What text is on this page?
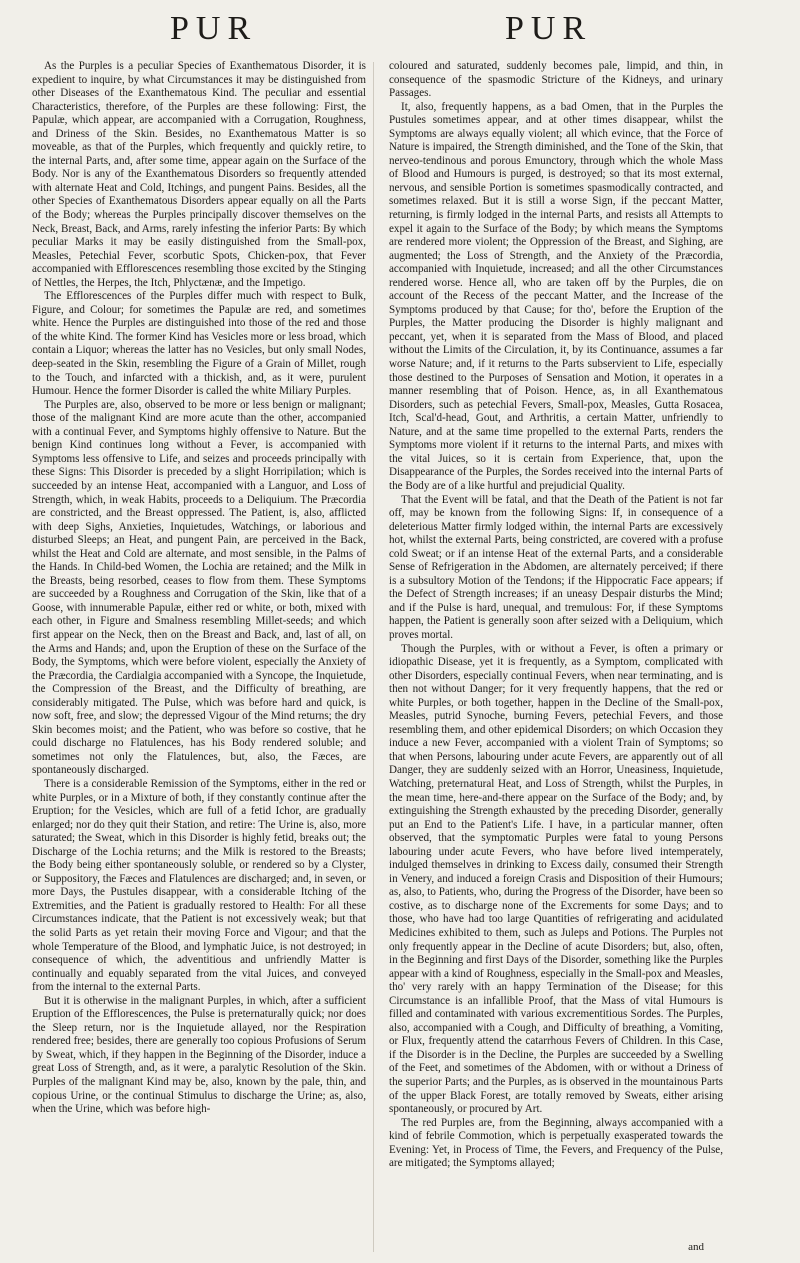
PUR	PUR

As the Purples is a peculiar Species of Exanthematous Disorder, it is expedient to inquire, by what Circumstances it may be distinguished from other Diseases of the Exanthematous Kind. The peculiar and essential Characteristics, therefore, of the Purples are these following: First, the Papulæ, which appear, are accompanied with a Corrugation, Roughness, and Driness of the Skin. Besides, no Exanthematous Matter is so moveable, as that of the Purples, which frequently and quickly retire, to the internal Parts, and, after some time, appear again on the Surface of the Body. Nor is any of the Exanthematous Disorders so frequently attended with alternate Heat and Cold, Itchings, and pungent Pains. Besides, all the other Species of Exanthematous Disorders appear equally on all the Parts of the Body; whereas the Purples principally discover themselves on the Neck, Breast, Back, and Arms, rarely infesting the inferior Parts: By which peculiar Marks it may be easily distinguished from the Small-pox, Measles, Petechial Fever, scorbutic Spots, Chicken-pox, that Fever accompanied with Efflorescences resembling those excited by the Stinging of Nettles, the Herpes, the Itch, Phlyctænæ, and the Impetigo.

The Efflorescences of the Purples differ much with respect to Bulk, Figure, and Colour; for sometimes the Papulæ are red, and sometimes white. Hence the Purples are distinguished into those of the red and those of the white Kind. The former Kind has Vesicles more or less broad, which contain a Liquor; whereas the latter has no Vesicles, but only small Nodes, deep-seated in the Skin, resembling the Figure of a Grain of Millet, rough to the Touch, and infarcted with a thickish, and, as it were, purulent Humour. Hence the former Disorder is called the white Miliary Purples.

The Purples are, also, observed to be more or less benign or malignant; those of the malignant Kind are more acute than the other, accompanied with a continual Fever, and Symptoms highly offensive to Nature. But the benign Kind continues long without a Fever, is accompanied with Symptoms less offensive to Life, and seizes and proceeds principally with these Signs: This Disorder is preceded by a slight Horripilation; which is succeeded by an intense Heat, accompanied with a Languor, and Loss of Strength, which, in weak Habits, proceeds to a Deliquium. The Præcordia are constricted, and the Breast oppressed. The Patient, is, also, afflicted with deep Sighs, Anxieties, Inquietudes, Watchings, or laborious and disturbed Sleeps; an Heat, and pungent Pain, are perceived in the Back, whilst the Heat and Cold are alternate, and most sensible, in the Palms of the Hands. In Child-bed Women, the Lochia are retained; and the Milk in the Breasts, being resorbed, ceases to flow from them. These Symptoms are succeeded by a Roughness and Corrugation of the Skin, like that of a Goose, with innumerable Papulæ, either red or white, or both, mixed with each other, in Figure and Smalness resembling Millet-seeds; and which first appear on the Neck, then on the Breast and Back, and, last of all, on the Arms and Hands; and, upon the Eruption of these on the Surface of the Body, the Symptoms, which were before violent, especially the Anxiety of the Præcordia, the Cardialgia accompanied with a Syncope, the Inquietude, the Compression of the Breast, and the Difficulty of breathing, are considerably mitigated. The Pulse, which was before hard and quick, is now soft, free, and slow; the depressed Vigour of the Mind returns; the dry Skin becomes moist; and the Patient, who was before so costive, that he could discharge no Flatulences, has his Body rendered soluble; and sometimes not only the Flatulences, but, also, the Fæces, are spontaneously discharged.

There is a considerable Remission of the Symptoms, either in the red or white Purples, or in a Mixture of both, if they constantly continue after the Eruption; for the Vesicles, which are full of a fetid Ichor, are gradually enlarged; nor do they quit their Station, and retire: The Urine is, also, more saturated; the Sweat, which in this Disorder is highly fetid, breaks out; the Discharge of the Lochia returns; and the Milk is restored to the Breasts; the Body being either spontaneously soluble, or rendered so by a Clyster, or Suppository, the Fæces and Flatulences are discharged; and, in seven, or more Days, the Pustules disappear, with a considerable Itching of the Extremities, and the Patient is gradually restored to Health: For all these Circumstances indicate, that the Patient is not excessively weak; but that the solid Parts as yet retain their moving Force and Vigour; and that the whole Temperature of the Blood, and lymphatic Juice, is not destroyed; in consequence of which, the adventitious and unfriendly Matter is continually and equably separated from the vital Juices, and conveyed from the internal to the external Parts.

But it is otherwise in the malignant Purples, in which, after a sufficient Eruption of the Efflorescences, the Pulse is preternaturally quick; nor does the Sleep return, nor is the Inquietude allayed, nor the Respiration rendered free; besides, there are generally too copious Profusions of Serum by Sweat, which, if they happen in the Beginning of the Disorder, induce a great Loss of Strength, and, as it were, a paralytic Resolution of the Skin. Purples of the malignant Kind may be, also, known by the pale, thin, and copious Urine, or the continual Stimulus to discharge the Urine; as, also, when the Urine, which was before high-

coloured and saturated, suddenly becomes pale, limpid, and thin, in consequence of the spasmodic Stricture of the Kidneys, and urinary Passages.

It, also, frequently happens, as a bad Omen, that in the Purples the Pustules sometimes appear, and at other times disappear, whilst the Symptoms are always equally violent; all which evince, that the Force of Nature is impaired, the Strength diminished, and the Tone of the Skin, that nerveo-tendinous and porous Emunctory, through which the whole Mass of Blood and Humours is purged, is destroyed; so that its most external, nervous, and sensible Portion is sometimes spasmodically contracted, and sometimes relaxed. But it is still a worse Sign, if the peccant Matter, returning, is firmly lodged in the internal Parts, and resists all Attempts to expel it again to the Surface of the Body; by which means the Symptoms are rendered more violent; the Oppression of the Breast, and Sighing, are augmented; the Loss of Strength, and the Anxiety of the Præcordia, accompanied with Inquietude, increased; and all the other Circumstances rendered worse. Hence all, who are taken off by the Purples, die on account of the Recess of the peccant Matter, and the Increase of the Symptoms produced by that Cause; for tho', before the Eruption of the Purples, the Matter producing the Disorder is highly malignant and peccant, yet, when it is separated from the Mass of Blood, and placed without the Limits of the Circulation, it, by its Continuance, assumes a far worse Nature; and, if it returns to the Parts subservient to Life, especially those destined to the Purposes of Sensation and Motion, it operates in a manner resembling that of Poison. Hence, as, in all Exanthematous Disorders, such as petechial Fevers, Small-pox, Measles, Gutta Rosacea, Itch, Scal'd-head, Gout, and Arthritis, a certain Matter, unfriendly to Nature, and at the same time propelled to the external Parts, renders the Symptoms more violent if it returns to the internal Parts, and mixes with the vital Juices, so it is certain from Experience, that, upon the Disappearance of the Purples, the Sordes received into the internal Parts of the Body are of a like hurtful and prejudicial Quality.

That the Event will be fatal, and that the Death of the Patient is not far off, may be known from the following Signs: If, in consequence of a deleterious Matter firmly lodged within, the internal Parts are excessively hot, whilst the external Parts, being constricted, are covered with a profuse cold Sweat; or if an intense Heat of the external Parts, and a considerable Sense of Refrigeration in the Abdomen, are alternately perceived; if there is a subsultory Motion of the Tendons; if the Hippocratic Face appears; if the Defect of Strength increases; if an uneasy Despair disturbs the Mind; and if the Pulse is hard, unequal, and tremulous: For, if these Symptoms happen, the Patient is generally soon after seized with a Deliquium, which proves mortal.

Though the Purples, with or without a Fever, is often a primary or idiopathic Disease, yet it is frequently, as a Symptom, complicated with other Disorders, especially continual Fevers, when near terminating, and is then not without Danger; for it very frequently happens, that the red or white Purples, or both together, happen in the Decline of the Small-pox, Measles, putrid Synoche, burning Fevers, petechial Fevers, and those resembling them, and other epidemical Disorders; on which Occasion they induce a new Fever, accompanied with a violent Train of Symptoms; so that when Persons, labouring under acute Fevers, are apparently out of all Danger, they are suddenly seized with an Horror, Uneasiness, Inquietude, Watching, preternatural Heat, and Loss of Strength, whilst the Purples, in the mean time, here-and-there appear on the Surface of the Body; and, by extinguishing the Strength exhausted by the preceding Disorder, generally put an End to the Patient's Life. I have, in a particular manner, often observed, that the symptomatic Purples were fatal to young Persons labouring under acute Fevers, who have before lived intemperately, indulged themselves in drinking to Excess daily, consumed their Strength in Venery, and induced a foreign Crasis and Disposition of their Humours; as, also, to Patients, who, during the Progress of the Disorder, have been so costive, as to discharge none of the Excrements for some Days; and to those, who have had too large Quantities of refrigerating and acidulated Medicines exhibited to them, such as Juleps and Potions. The Purples not only frequently appear in the Decline of acute Disorders; but, also, often, in the Beginning and first Days of the Disorder, something like the Purples appear with a kind of Roughness, especially in the Small-pox and Measles, tho' very rarely with an happy Termination of the Disease; for this Circumstance is an infallible Proof, that the Mass of vital Humours is filled and contaminated with various excrementitious Sordes. The Purples, also, accompanied with a Cough, and Difficulty of breathing, a Vomiting, or Flux, frequently attend the catarrhous Fevers of Children. In this Case, if the Disorder is in the Decline, the Purples are succeeded by a Swelling of the Feet, and sometimes of the Abdomen, with or without a Driness of the superior Parts; and the Purples, as is observed in the mountainous Parts of the upper Black Forest, are totally removed by Sweats, either arising spontaneously, or procured by Art.

The red Purples are, from the Beginning, always accompanied with a kind of febrile Commotion, which is perpetually exasperated towards the Evening: Yet, in Process of Time, the Fevers, and Frequency of the Pulse, are mitigated; the Symptoms allayed;

and
